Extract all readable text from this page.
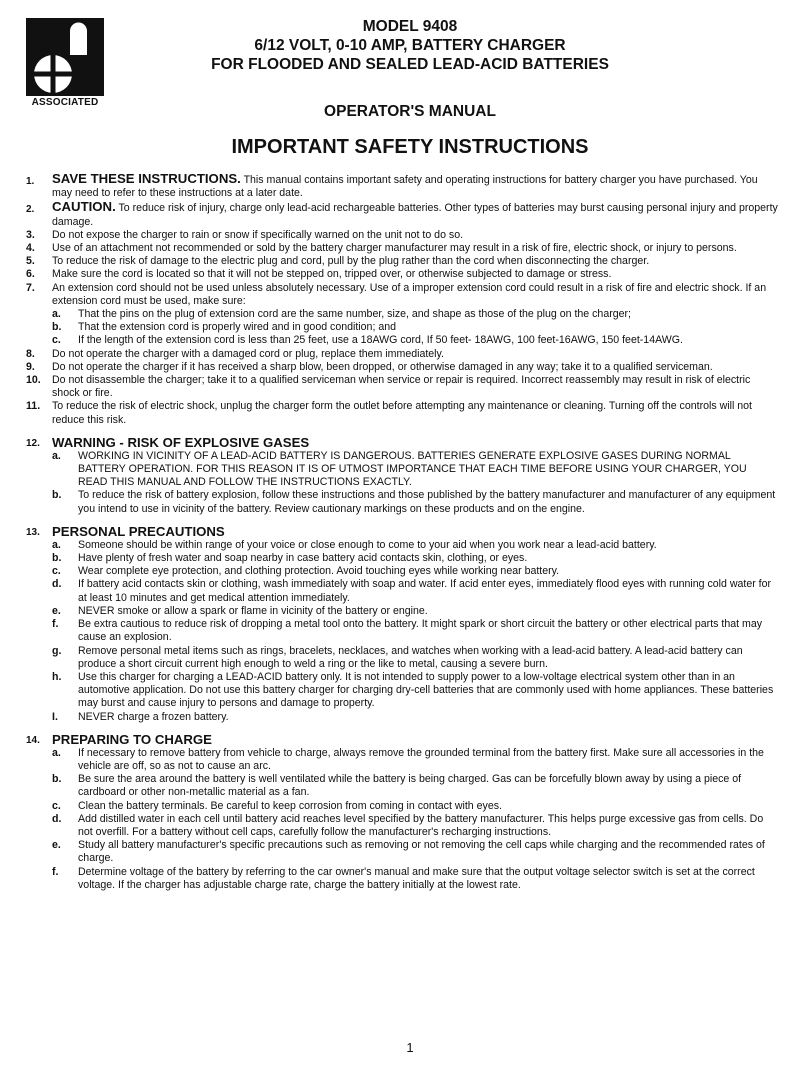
ASSOCIATED
MODEL 9408
6/12 VOLT, 0-10 AMP, BATTERY CHARGER
FOR FLOODED AND SEALED LEAD-ACID BATTERIES
OPERATOR'S MANUAL
IMPORTANT SAFETY INSTRUCTIONS
1. SAVE THESE INSTRUCTIONS. This manual contains important safety and operating instructions for battery charger you have purchased. You may need to refer to these instructions at a later date.
2. CAUTION. To reduce risk of injury, charge only lead-acid rechargeable batteries. Other types of batteries may burst causing personal injury and property damage.
3. Do not expose the charger to rain or snow if specifically warned on the unit not to do so.
4. Use of an attachment not recommended or sold by the battery charger manufacturer may result in a risk of fire, electric shock, or injury to persons.
5. To reduce the risk of damage to the electric plug and cord, pull by the plug rather than the cord when disconnecting the charger.
6. Make sure the cord is located so that it will not be stepped on, tripped over, or otherwise subjected to damage or stress.
7. An extension cord should not be used unless absolutely necessary. Use of a improper extension cord could result in a risk of fire and electric shock. If an extension cord must be used, make sure:
a. That the pins on the plug of extension cord are the same number, size, and shape as those of the plug on the charger;
b. That the extension cord is properly wired and in good condition; and
c. If the length of the extension cord is less than 25 feet, use a 18AWG cord, If 50 feet- 18AWG, 100 feet-16AWG, 150 feet-14AWG.
8. Do not operate the charger with a damaged cord or plug, replace them immediately.
9. Do not operate the charger if it has received a sharp blow, been dropped, or otherwise damaged in any way; take it to a qualified serviceman.
10. Do not disassemble the charger; take it to a qualified serviceman when service or repair is required. Incorrect reassembly may result in risk of electric shock or fire.
11. To reduce the risk of electric shock, unplug the charger form the outlet before attempting any maintenance or cleaning. Turning off the controls will not reduce this risk.
12. WARNING - RISK OF EXPLOSIVE GASES
a. WORKING IN VICINITY OF A LEAD-ACID BATTERY IS DANGEROUS. BATTERIES GENERATE EXPLOSIVE GASES DURING NORMAL BATTERY OPERATION. FOR THIS REASON IT IS OF UTMOST IMPORTANCE THAT EACH TIME BEFORE USING YOUR CHARGER, YOU READ THIS MANUAL AND FOLLOW THE INSTRUCTIONS EXACTLY.
b. To reduce the risk of battery explosion, follow these instructions and those published by the battery manufacturer and manufacturer of any equipment you intend to use in vicinity of the battery. Review cautionary markings on these products and on the engine.
13. PERSONAL PRECAUTIONS
a. Someone should be within range of your voice or close enough to come to your aid when you work near a lead-acid battery.
b. Have plenty of fresh water and soap nearby in case battery acid contacts skin, clothing, or eyes.
c. Wear complete eye protection, and clothing protection. Avoid touching eyes while working near battery.
d. If battery acid contacts skin or clothing, wash immediately with soap and water. If acid enter eyes, immediately flood eyes with running cold water for at least 10 minutes and get medical attention immediately.
e. NEVER smoke or allow a spark or flame in vicinity of the battery or engine.
f. Be extra cautious to reduce risk of dropping a metal tool onto the battery. It might spark or short circuit the battery or other electrical parts that may cause an explosion.
g. Remove personal metal items such as rings, bracelets, necklaces, and watches when working with a lead-acid battery. A lead-acid battery can produce a short circuit current high enough to weld a ring or the like to metal, causing a severe burn.
h. Use this charger for charging a LEAD-ACID battery only. It is not intended to supply power to a low-voltage electrical system other than in an automotive application. Do not use this battery charger for charging dry-cell batteries that are commonly used with home appliances. These batteries may burst and cause injury to persons and damage to property.
I. NEVER charge a frozen battery.
14. PREPARING TO CHARGE
a. If necessary to remove battery from vehicle to charge, always remove the grounded terminal from the battery first. Make sure all accessories in the vehicle are off, so as not to cause an arc.
b. Be sure the area around the battery is well ventilated while the battery is being charged. Gas can be forcefully blown away by using a piece of cardboard or other non-metallic material as a fan.
c. Clean the battery terminals. Be careful to keep corrosion from coming in contact with eyes.
d. Add distilled water in each cell until battery acid reaches level specified by the battery manufacturer. This helps purge excessive gas from cells. Do not overfill. For a battery without cell caps, carefully follow the manufacturer's recharging instructions.
e. Study all battery manufacturer's specific precautions such as removing or not removing the cell caps while charging and the recommended rates of charge.
f. Determine voltage of the battery by referring to the car owner's manual and make sure that the output voltage selector switch is set at the correct voltage. If the charger has adjustable charge rate, charge the battery initially at the lowest rate.
1
